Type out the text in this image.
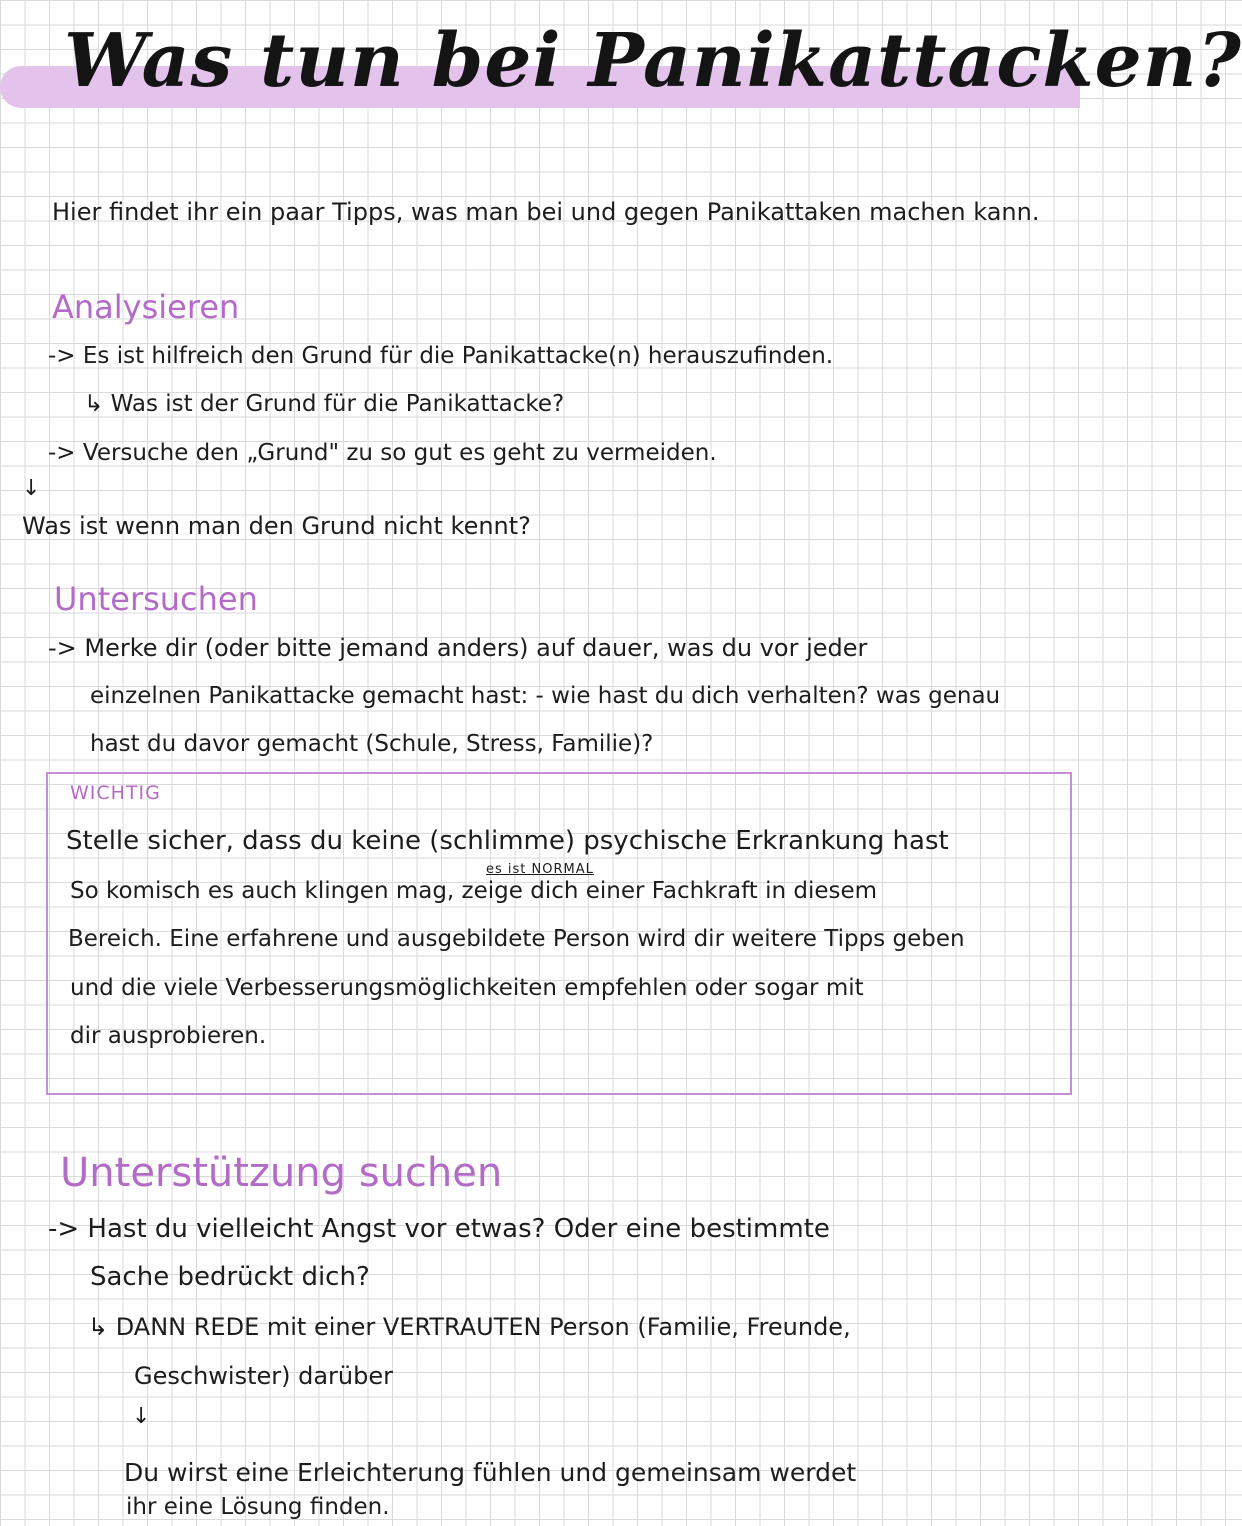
Was tun bei Panikattacken?
Hier findet ihr ein paar Tipps, was man bei und gegen Panikattaken machen kann.
Analysieren
-> Es ist hilfreich den Grund für die Panikattacke(n) herauszufinden.
↳ Was ist der Grund für die Panikattacke?
-> Versuche den „Grund" zu so gut es geht zu vermeiden.
↓
Was ist wenn man den Grund nicht kennt?
Untersuchen
-> Merke dir (oder bitte jemand anders) auf dauer, was du vor jeder
einzelnen Panikattacke gemacht hast: - wie hast du dich verhalten? was genau
hast du davor gemacht (Schule, Stress, Familie)?
WICHTIG
Stelle sicher, dass du keine (schlimme) psychische Erkrankung hast
es ist NORMAL
So komisch es auch klingen mag, zeige dich einer Fachkraft in diesem
Bereich. Eine erfahrene und ausgebildete Person wird dir weitere Tipps geben
und die viele Verbesserungsmöglichkeiten empfehlen oder sogar mit
dir ausprobieren.
Unterstützung suchen
-> Hast du vielleicht Angst vor etwas? Oder eine bestimmte
Sache bedrückt dich?
↳ DANN REDE mit einer VERTRAUTEN Person (Familie, Freunde,
Geschwister) darüber
↓
Du wirst eine Erleichterung fühlen und gemeinsam werdet
ihr eine Lösung finden.
